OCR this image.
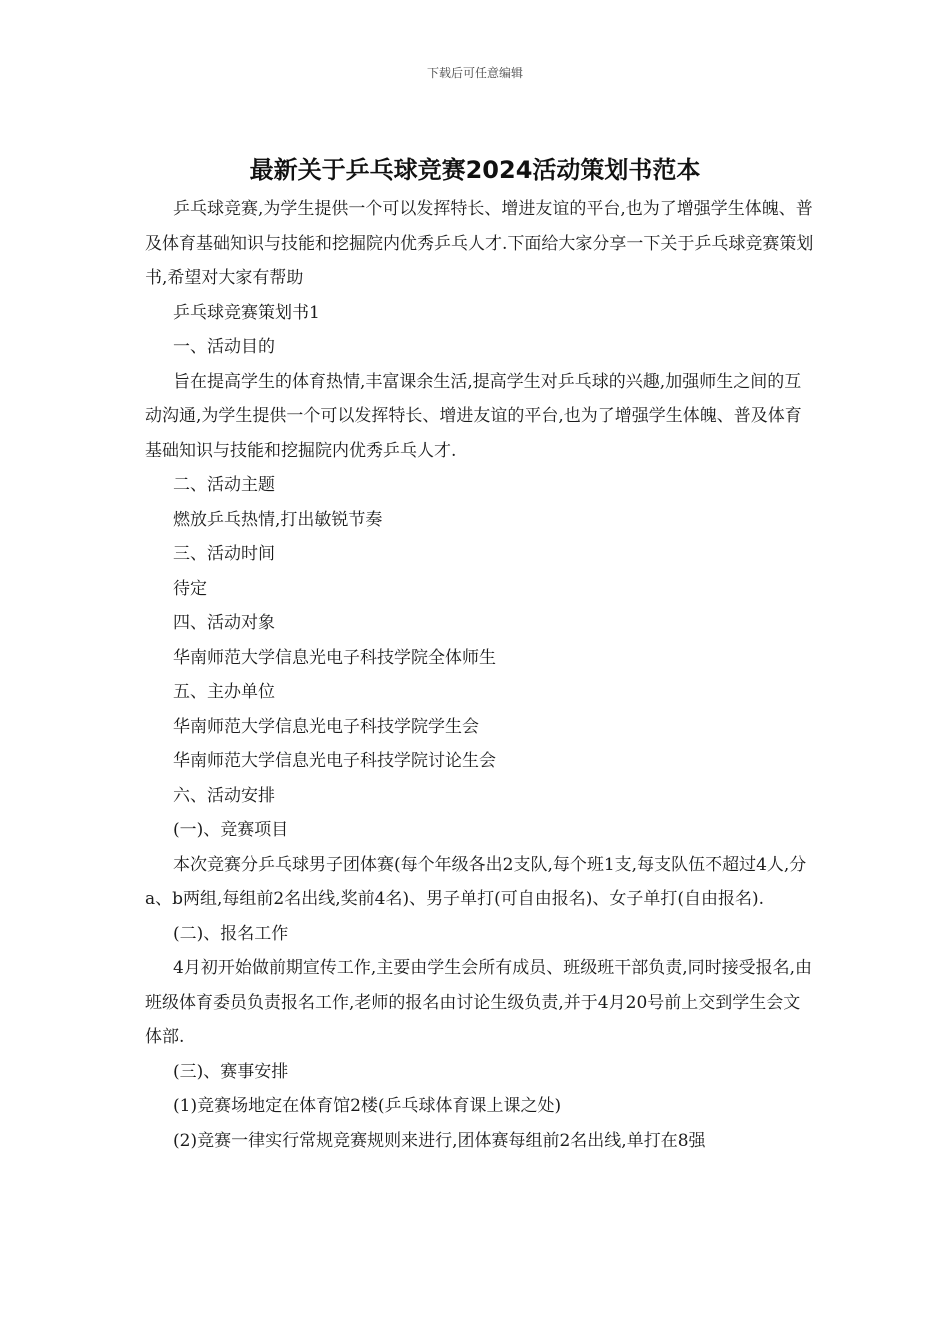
下载后可任意编辑
最新关于乒乓球竞赛2024活动策划书范本

乒乓球竞赛,为学生提供一个可以发挥特长、增进友谊的平台,也为了增强学生体魄、普及体育基础知识与技能和挖掘院内优秀乒乓人才.下面给大家分享一下关于乒乓球竞赛策划书,希望对大家有帮助

乒乓球竞赛策划书1

一、活动目的

旨在提高学生的体育热情,丰富课余生活,提高学生对乒乓球的兴趣,加强师生之间的互动沟通,为学生提供一个可以发挥特长、增进友谊的平台,也为了增强学生体魄、普及体育基础知识与技能和挖掘院内优秀乒乓人才.

二、活动主题

燃放乒乓热情,打出敏锐节奏

三、活动时间

待定

四、活动对象

华南师范大学信息光电子科技学院全体师生

五、主办单位

华南师范大学信息光电子科技学院学生会

华南师范大学信息光电子科技学院讨论生会

六、活动安排

(一)、竞赛项目

本次竞赛分乒乓球男子团体赛(每个年级各出2支队,每个班1支,每支队伍不超过4人,分a、b两组,每组前2名出线,奖前4名)、男子单打(可自由报名)、女子单打(自由报名).

(二)、报名工作

4月初开始做前期宣传工作,主要由学生会所有成员、班级班干部负责,同时接受报名,由班级体育委员负责报名工作,老师的报名由讨论生级负责,并于4月20号前上交到学生会文体部.

(三)、赛事安排

(1)竞赛场地定在体育馆2楼(乒乓球体育课上课之处)

(2)竞赛一律实行常规竞赛规则来进行,团体赛每组前2名出线,单打在8强
